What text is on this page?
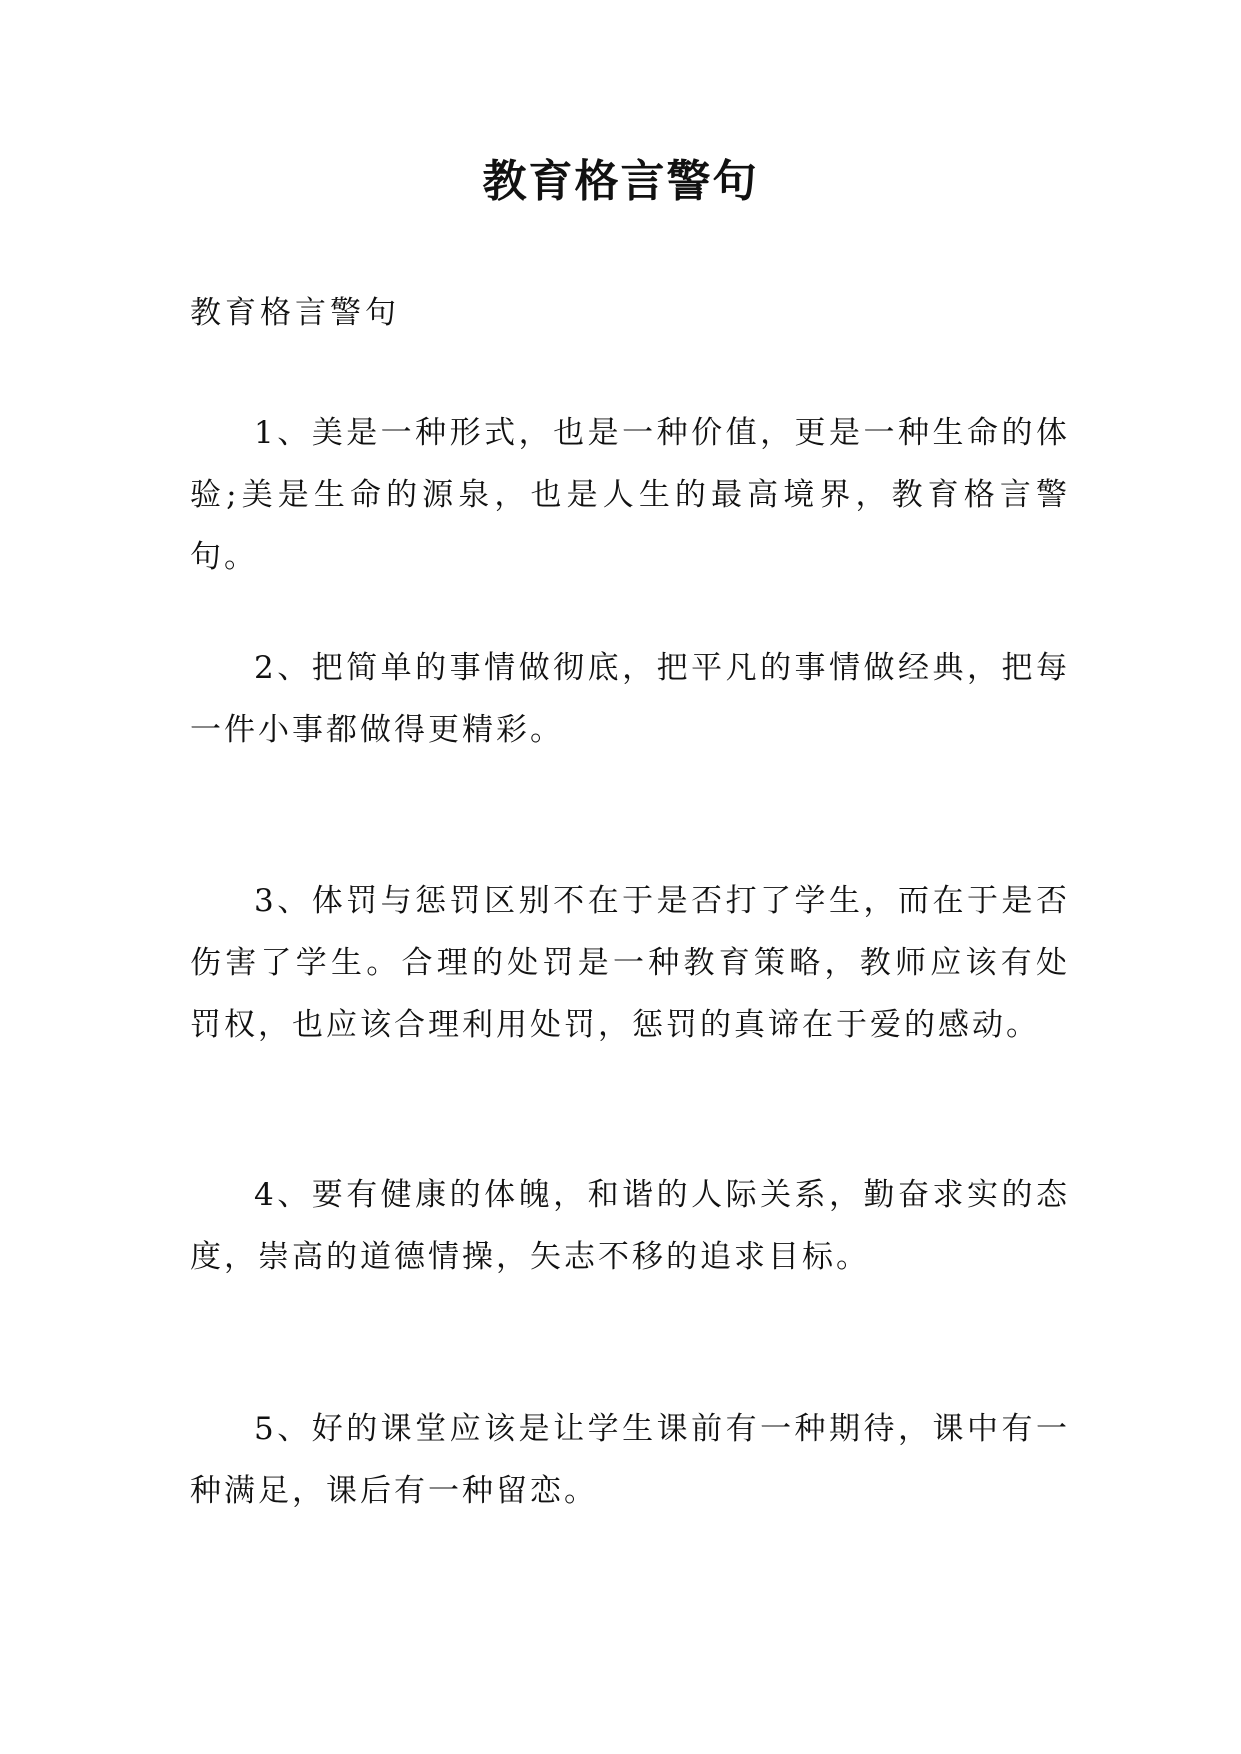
教育格言警句

教育格言警句

1、美是一种形式，也是一种价值，更是一种生命的体验;美是生命的源泉，也是人生的最高境界，教育格言警句。

2、把简单的事情做彻底，把平凡的事情做经典，把每一件小事都做得更精彩。

3、体罚与惩罚区别不在于是否打了学生，而在于是否伤害了学生。合理的处罚是一种教育策略，教师应该有处罚权，也应该合理利用处罚，惩罚的真谛在于爱的感动。

4、要有健康的体魄，和谐的人际关系，勤奋求实的态度，崇高的道德情操，矢志不移的追求目标。

5、好的课堂应该是让学生课前有一种期待，课中有一种满足，课后有一种留恋。
